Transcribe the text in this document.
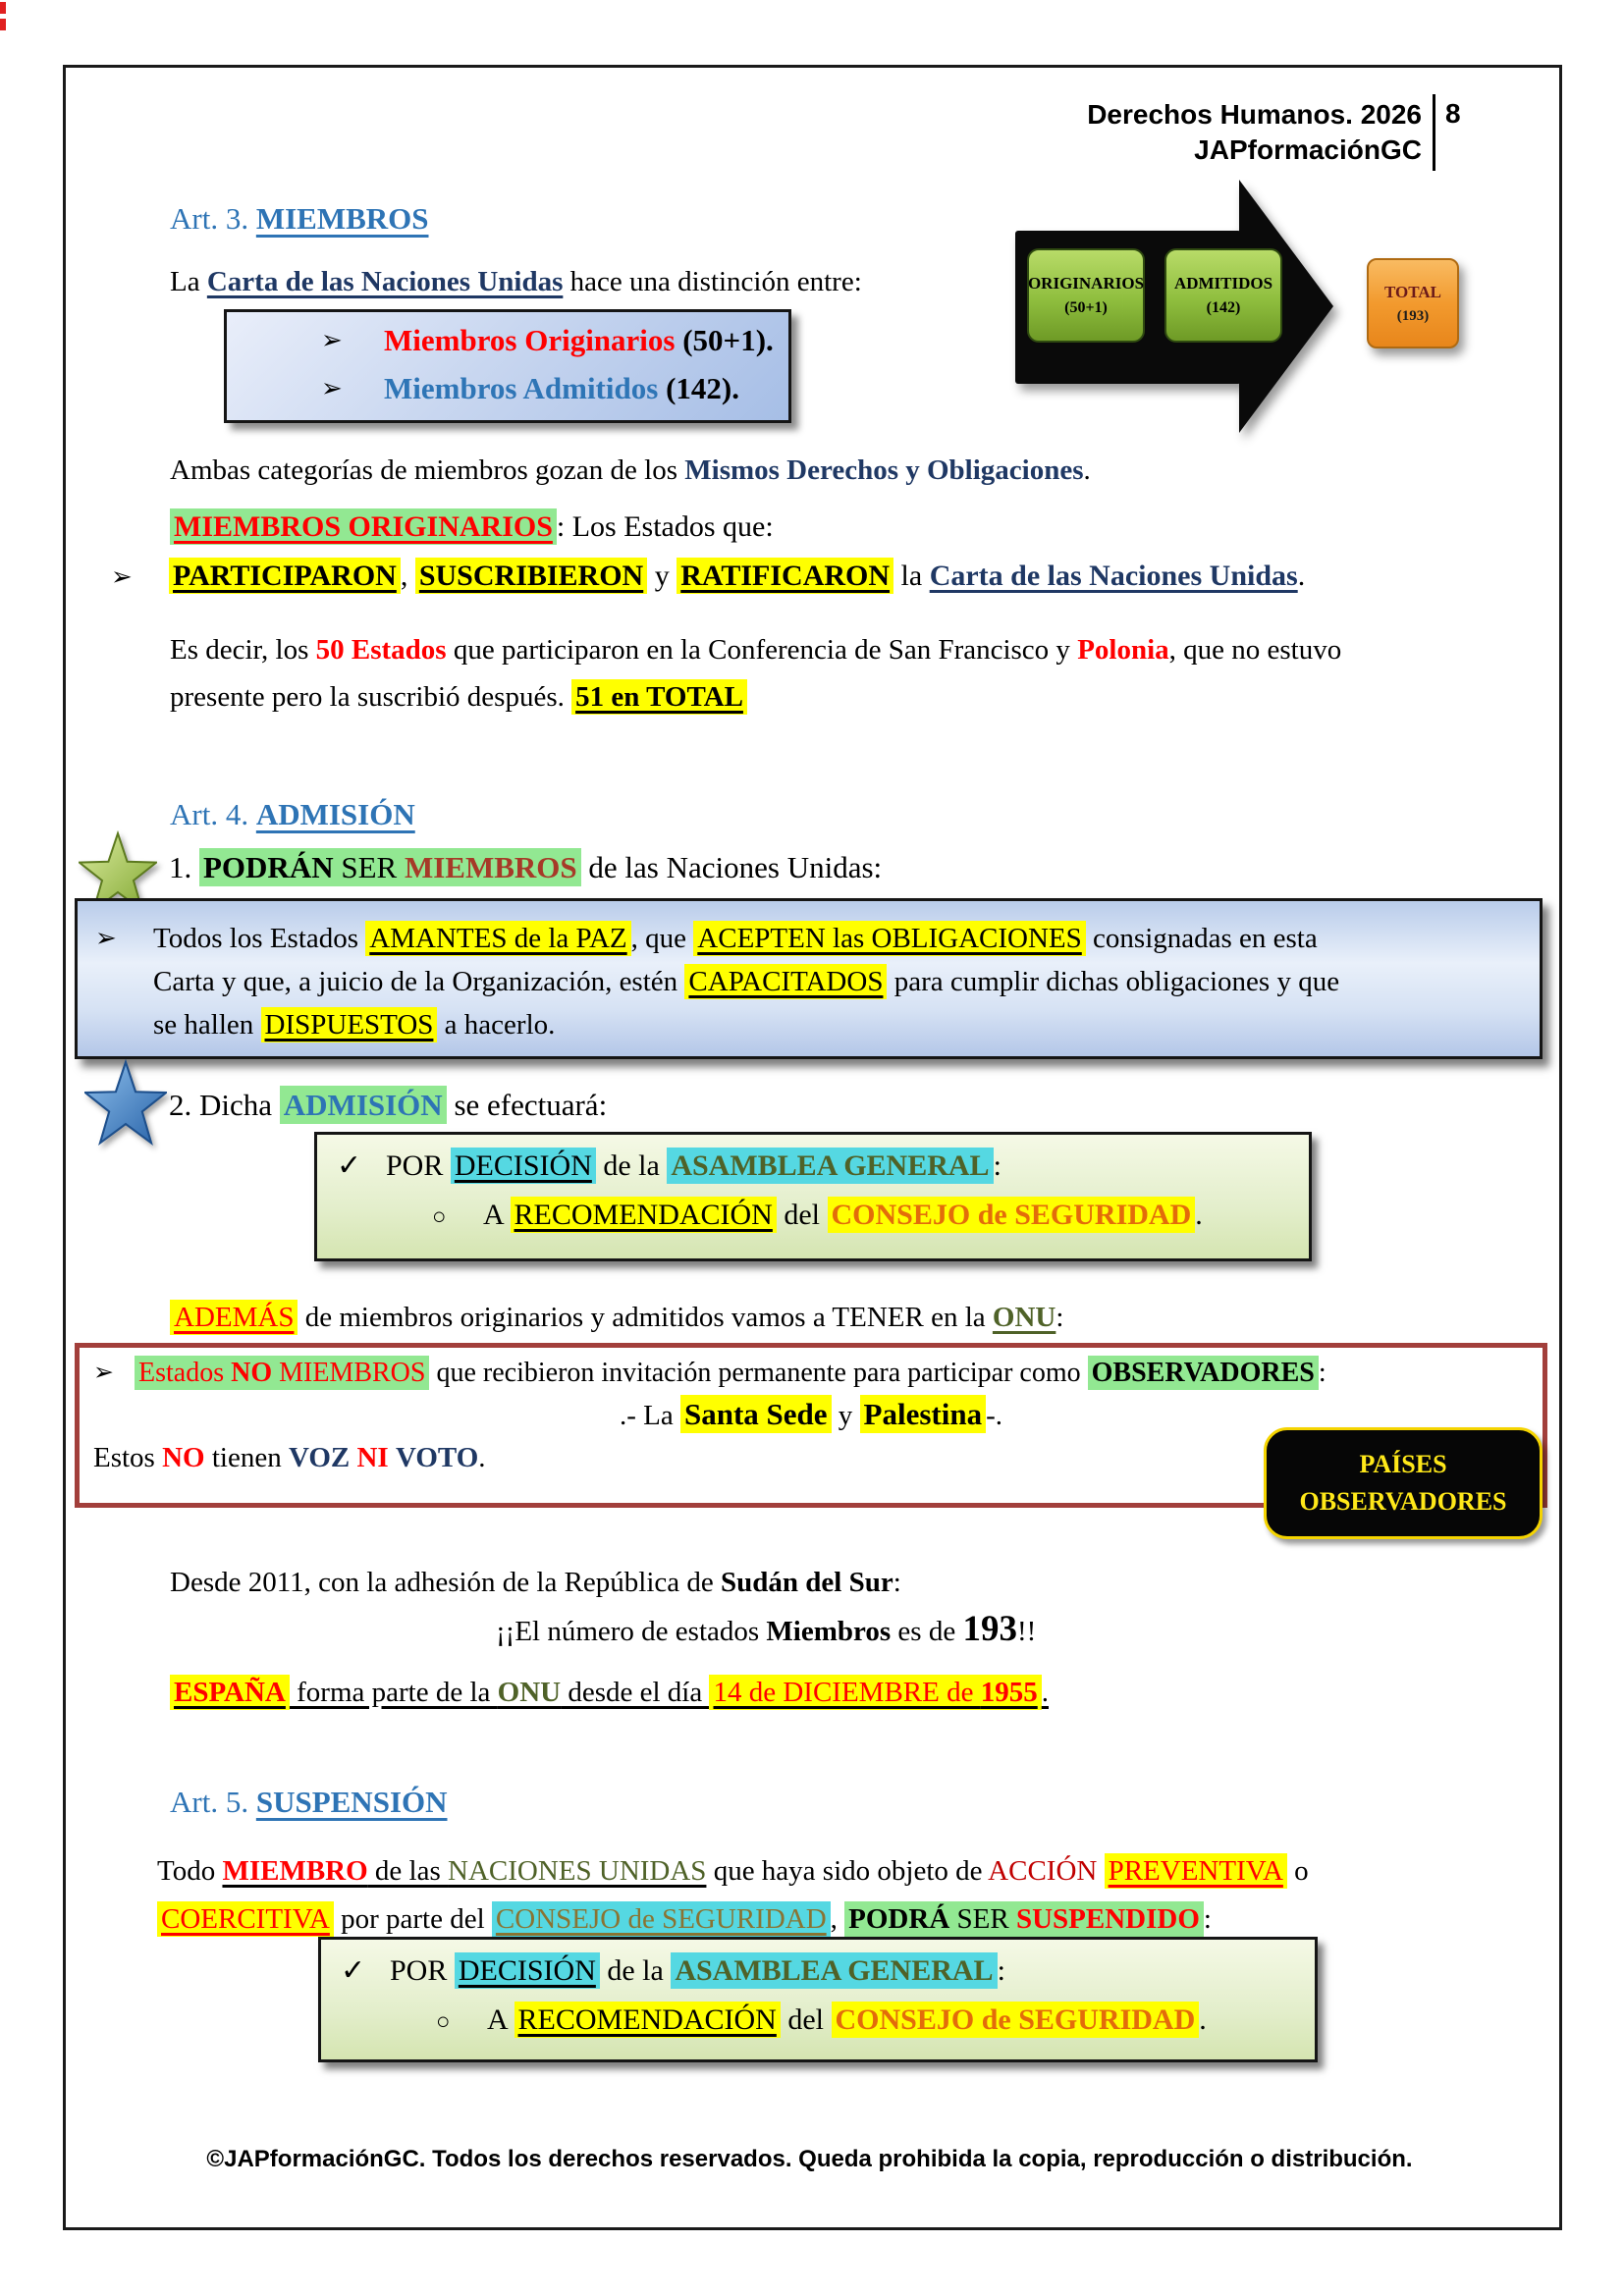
Derechos Humanos. 2026
JAPformaciónGC
8
Art. 3. MIEMBROS
La Carta de las Naciones Unidas hace una distinción entre:
➢ Miembros Originarios (50+1).
➢ Miembros Admitidos (142).
ORIGINARIOS
(50+1)
ADMITIDOS
(142)
TOTAL
(193)
Ambas categorías de miembros gozan de los Mismos Derechos y Obligaciones.
MIEMBROS ORIGINARIOS : Los Estados que:
➢ PARTICIPARON , SUSCRIBIERON y RATIFICARON la Carta de las Naciones Unidas.
Es decir, los 50 Estados que participaron en la Conferencia de San Francisco y Polonia, que no estuvo
presente pero la suscribió después. 51 en TOTAL
Art. 4. ADMISIÓN
1. PODRÁN SER MIEMBROS de las Naciones Unidas:
➢ Todos los Estados AMANTES de la PAZ , que ACEPTEN las OBLIGACIONES consignadas en esta
Carta y que, a juicio de la Organización, estén CAPACITADOS para cumplir dichas obligaciones y que
se hallen DISPUESTOS a hacerlo.
2. Dicha ADMISIÓN se efectuará:
✓ POR DECISIÓN de la ASAMBLEA GENERAL :
○ A RECOMENDACIÓN del CONSEJO de SEGURIDAD .
ADEMÁS de miembros originarios y admitidos vamos a TENER en la ONU:
➢ Estados NO MIEMBROS que recibieron invitación permanente para participar como OBSERVADORES :
.- La Santa Sede y Palestina -.
Estos NO tienen VOZ NI VOTO.	PAÍSES
OBSERVADORES
Desde 2011, con la adhesión de la República de Sudán del Sur:
¡¡El número de estados Miembros es de 193!!
ESPAÑA forma parte de la ONU desde el día 14 de DICIEMBRE de 1955 .
Art. 5. SUSPENSIÓN
Todo MIEMBRO de las NACIONES UNIDAS que haya sido objeto de ACCIÓN PREVENTIVA o
COERCITIVA por parte del CONSEJO de SEGURIDAD , PODRÁ SER SUSPENDIDO :
✓ POR DECISIÓN de la ASAMBLEA GENERAL :
○ A RECOMENDACIÓN del CONSEJO de SEGURIDAD .
©JAPformaciónGC. Todos los derechos reservados. Queda prohibida la copia, reproducción o distribución.
